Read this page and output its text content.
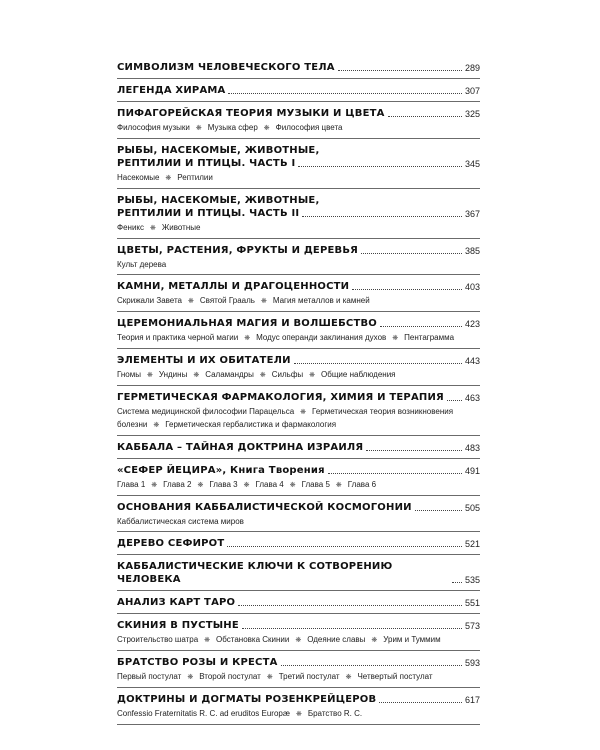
СИМВОЛИЗМ ЧЕЛОВЕЧЕСКОГО ТЕЛА	289
ЛЕГЕНДА ХИРАМА	307
ПИФАГОРЕЙСКАЯ ТЕОРИЯ МУЗЫКИ И ЦВЕТА	325
Философия музыки ❋ Музыка сфер ❋ Философия цвета
РЫБЫ, НАСЕКОМЫЕ, ЖИВОТНЫЕ,
РЕПТИЛИИ И ПТИЦЫ. ЧАСТЬ I	345
Насекомые ❋ Рептилии
РЫБЫ, НАСЕКОМЫЕ, ЖИВОТНЫЕ,
РЕПТИЛИИ И ПТИЦЫ. ЧАСТЬ II	367
Феникс ❋ Животные
ЦВЕТЫ, РАСТЕНИЯ, ФРУКТЫ И ДЕРЕВЬЯ	385
Культ дерева
КАМНИ, МЕТАЛЛЫ И ДРАГОЦЕННОСТИ	403
Скрижали Завета ❋ Святой Грааль ❋ Магия металлов и камней
ЦЕРЕМОНИАЛЬНАЯ МАГИЯ И ВОЛШЕБСТВО	423
Теория и практика черной магии ❋ Модус операнди заклинания духов ❋ Пентаграмма
ЭЛЕМЕНТЫ И ИХ ОБИТАТЕЛИ	443
Гномы ❋ Ундины ❋ Саламандры ❋ Сильфы ❋ Общие наблюдения
ГЕРМЕТИЧЕСКАЯ ФАРМАКОЛОГИЯ, ХИМИЯ И ТЕРАПИЯ 463
Система медицинской философии Парацельса ❋ Герметическая теория возникновения болезни ❋ Герметическая гербалистика и фармакология
КАББАЛА – ТАЙНАЯ ДОКТРИНА ИЗРАИЛЯ	483
«СЕФЕР ЙЕЦИРА», Книга Творения	491
Глава 1 ❋ Глава 2 ❋ Глава 3 ❋ Глава 4 ❋ Глава 5 ❋ Глава 6
ОСНОВАНИЯ КАББАЛИСТИЧЕСКОЙ КОСМОГОНИИ	505
Каббалистическая система миров
ДЕРЕВО СЕФИРОТ	521
КАББАЛИСТИЧЕСКИЕ КЛЮЧИ К СОТВОРЕНИЮ ЧЕЛОВЕКА	535
АНАЛИЗ КАРТ ТАРО	551
СКИНИЯ В ПУСТЫНЕ	573
Строительство шатра ❋ Обстановка Скинии ❋ Одеяние славы ❋ Урим и Туммим
БРАТСТВО РОЗЫ И КРЕСТА	593
Первый постулат ❋ Второй постулат ❋ Третий постулат ❋ Четвертый постулат
ДОКТРИНЫ И ДОГМАТЫ РОЗЕНКРЕЙЦЕРОВ	617
Confessio Fraternitatis R. C. ad eruditos Europæ ❋ Братство R. C.
